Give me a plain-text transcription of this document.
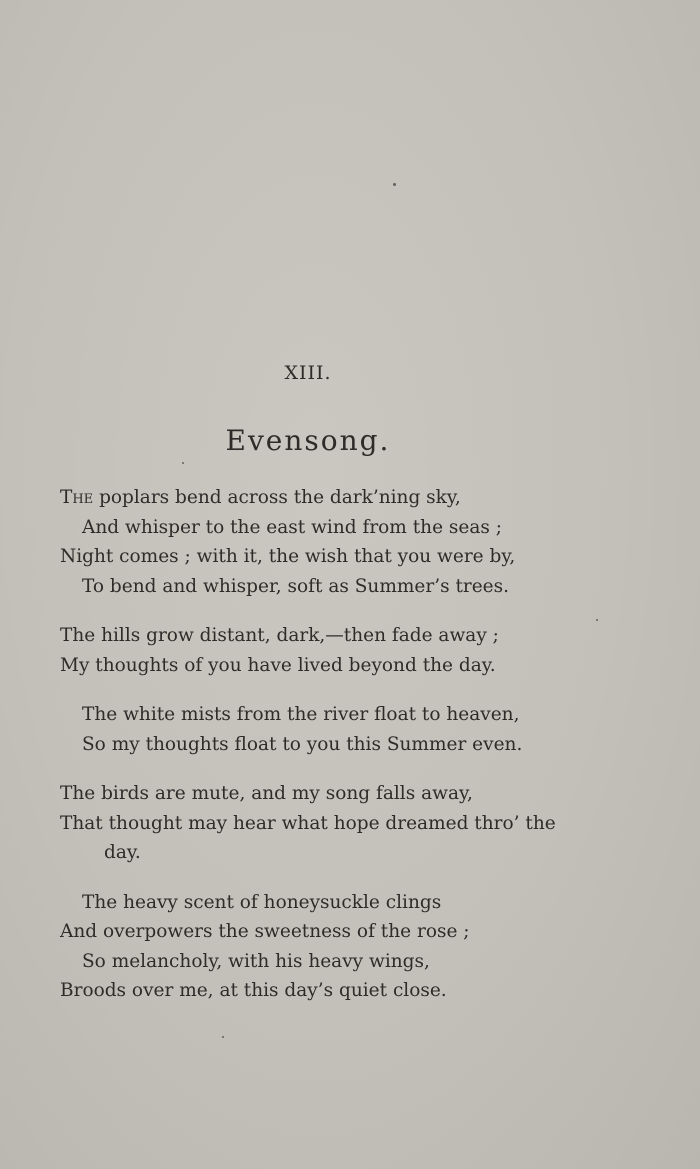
XIII.
Evensong.
The poplars bend across the dark’ning sky,
And whisper to the east wind from the seas ;
Night comes ; with it, the wish that you were by,
To bend and whisper, soft as Summer’s trees.
The hills grow distant, dark,—then fade away ;
My thoughts of you have lived beyond the day.
The white mists from the river float to heaven,
So my thoughts float to you this Summer even.
The birds are mute, and my song falls away,
That thought may hear what hope dreamed thro’ the
day.
The heavy scent of honeysuckle clings
And overpowers the sweetness of the rose ;
So melancholy, with his heavy wings,
Broods over me, at this day’s quiet close.
